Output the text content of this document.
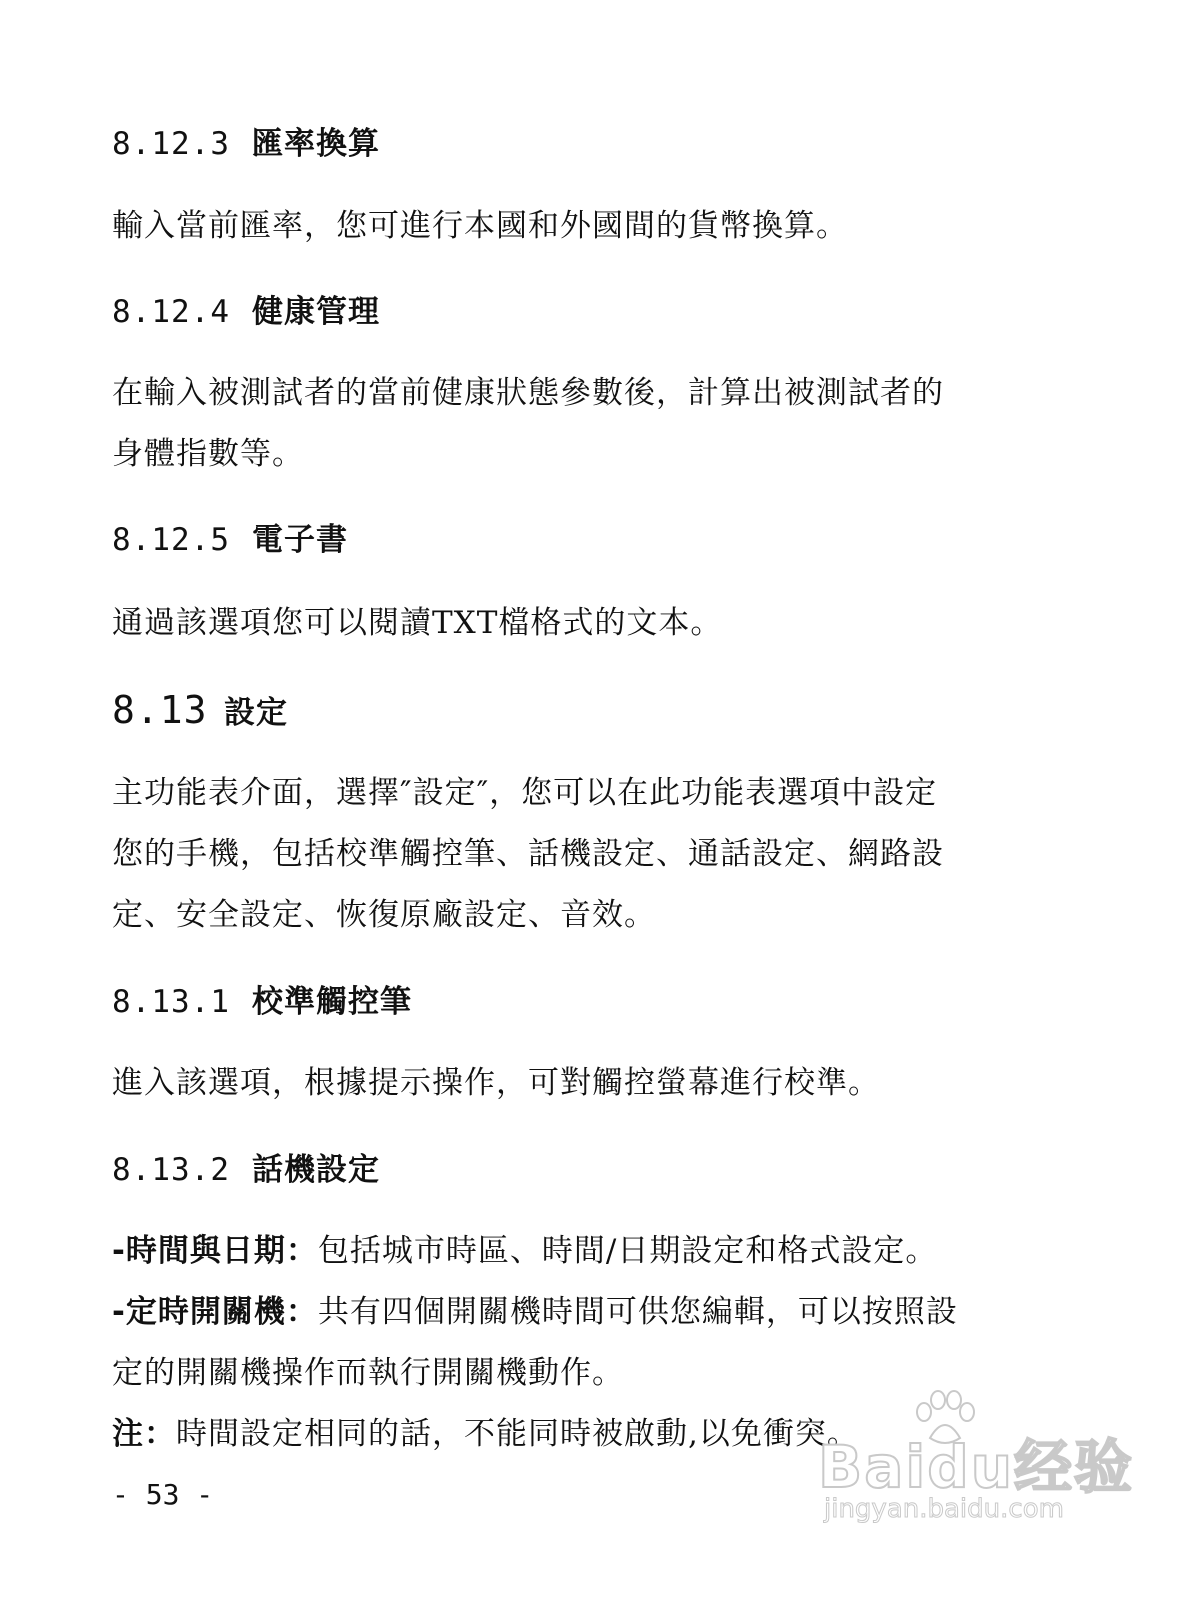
8.12.3 匯率換算
輸入當前匯率，您可進行本國和外國間的貨幣換算。
8.12.4 健康管理
在輸入被測試者的當前健康狀態參數後，計算出被測試者的
身體指數等。
8.12.5 電子書
通過該選項您可以閱讀TXT檔格式的文本。
8.13 設定
主功能表介面，選擇″設定″，您可以在此功能表選項中設定
您的手機，包括校準觸控筆、話機設定、通話設定、網路設
定、安全設定、恢復原廠設定、音效。
8.13.1 校準觸控筆
進入該選項，根據提示操作，可對觸控螢幕進行校準。
8.13.2 話機設定
-時間與日期：包括城市時區、時間/日期設定和格式設定。
-定時開關機：共有四個開關機時間可供您編輯，可以按照設
定的開關機操作而執行開關機動作。
注：時間設定相同的話，不能同時被啟動,以免衝突。
- 53 -	Baidu经验
jingyan.baidu.com
